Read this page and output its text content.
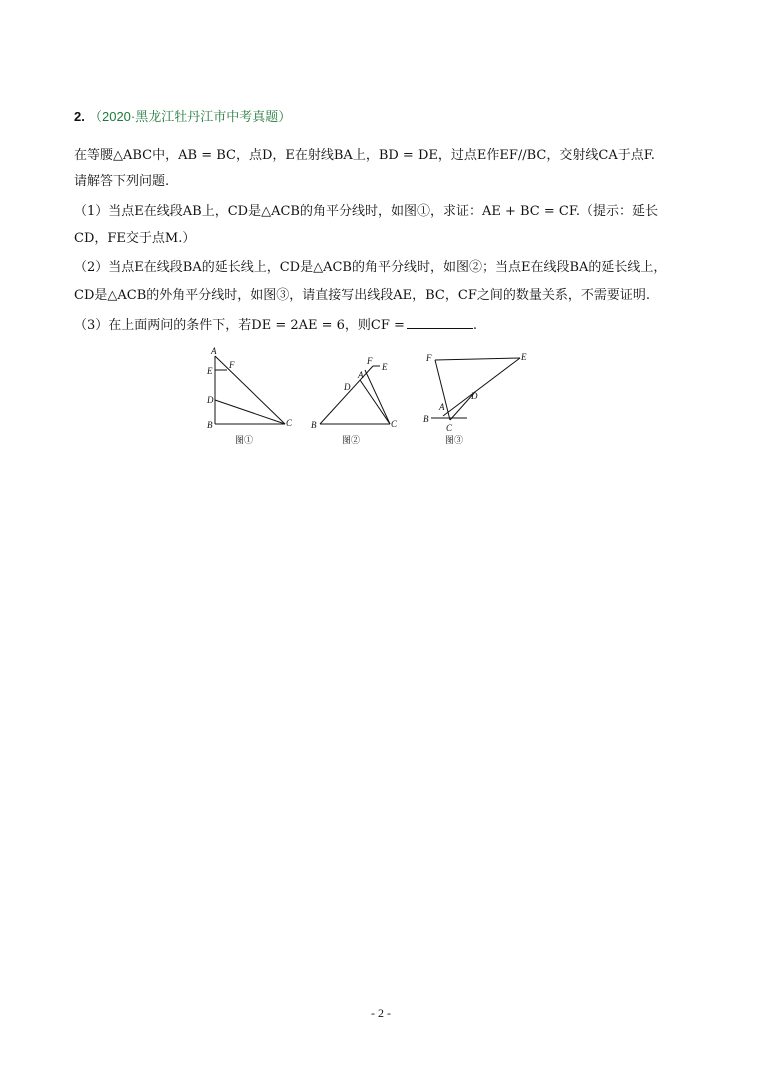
2. （2020·黑龙江牡丹江市中考真题）
在等腰△ABC中，AB = BC，点D，E在射线BA上，BD = DE，过点E作EF//BC，交射线CA于点F.
请解答下列问题.
（1）当点E在线段AB上，CD是△ACB的角平分线时，如图①，求证：AE + BC = CF.（提示：延长
CD，FE交于点M.）
（2）当点E在线段BA的延长线上，CD是△ACB的角平分线时，如图②；当点E在线段BA的延长线上，
CD是△ACB的外角平分线时，如图③，请直接写出线段AE，BC，CF之间的数量关系，不需要证明.
（3）在上面两问的条件下，若DE = 2AE = 6，则CF =	.
A
E
F
D
B	C
图①
F
E
A
D
B	C
图②
F	E
D
A
B
C
图③
- 2 -
